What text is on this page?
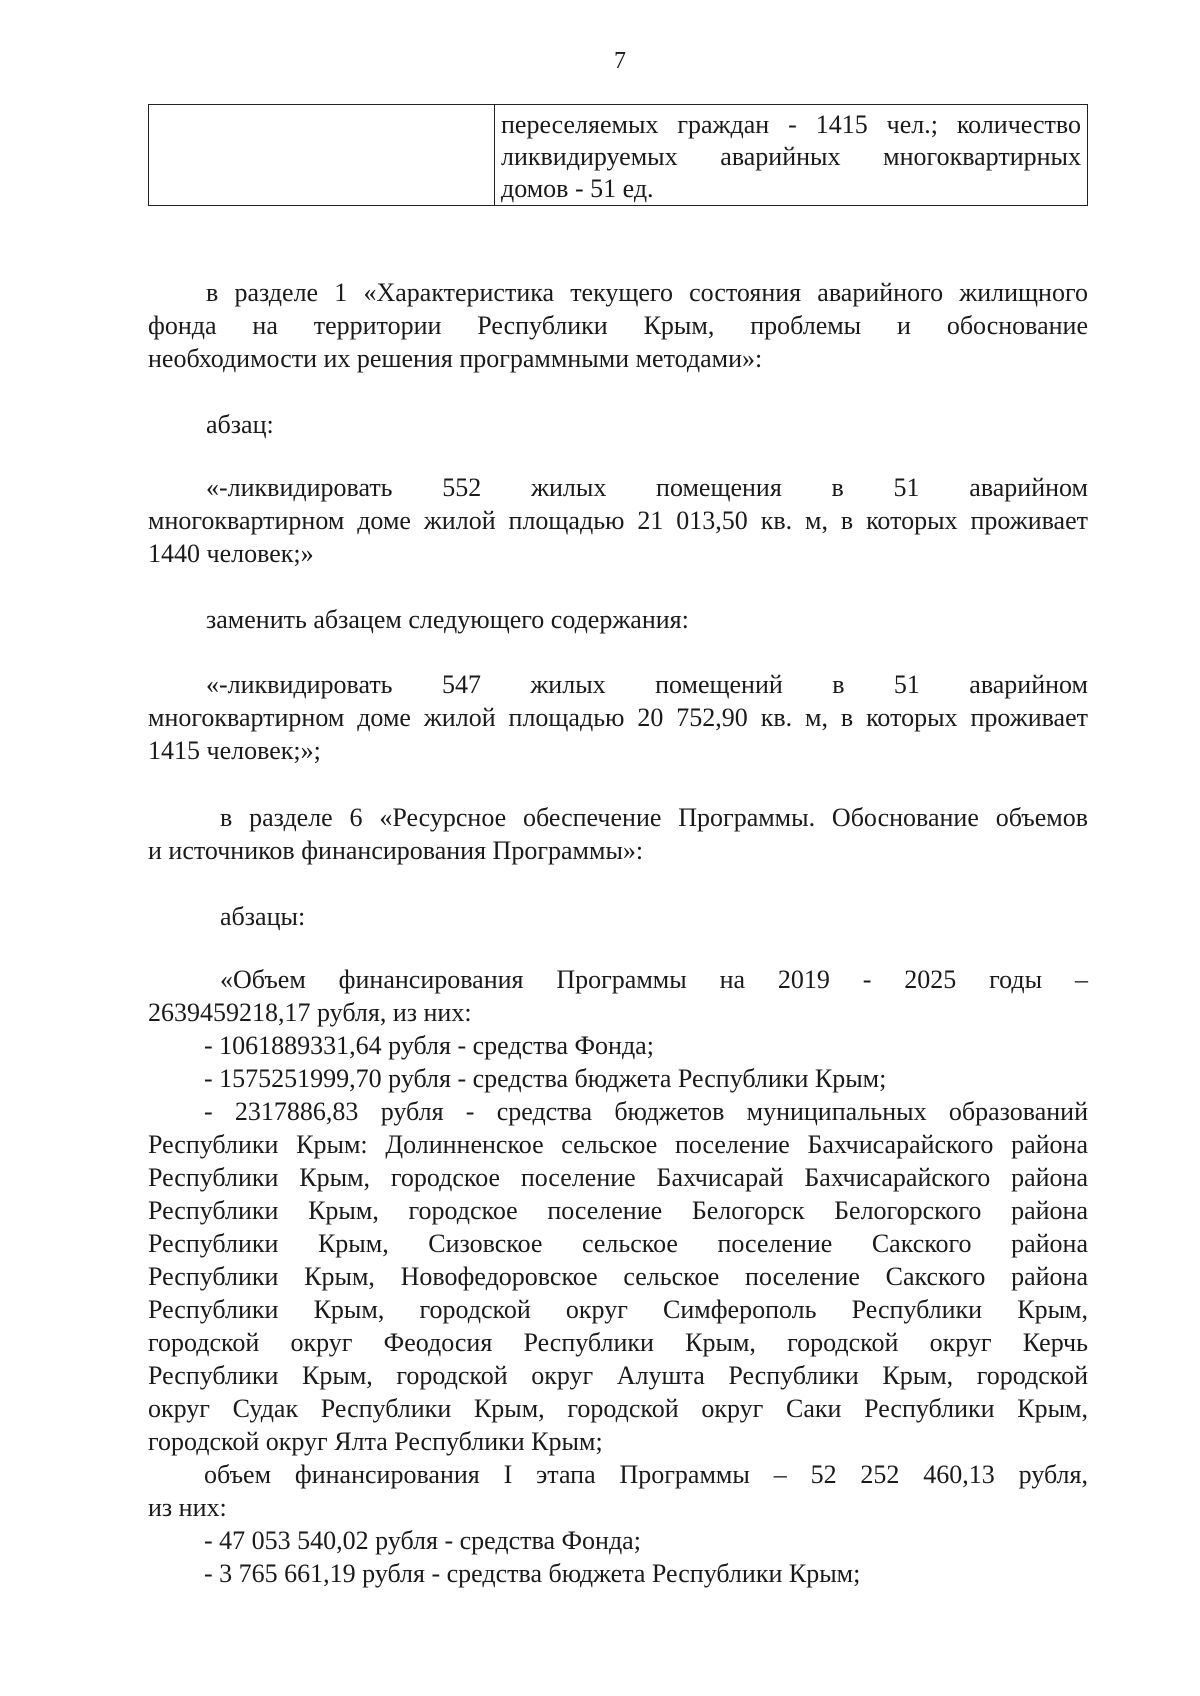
7
переселяемых граждан - 1415 чел.; количество
ликвидируемых аварийных многоквартирных
домов - 51 ед.

в разделе 1 «Характеристика текущего состояния аварийного жилищного

фонда на территории Республики Крым, проблемы и обоснование

необходимости их решения программными методами»:

абзац:

«-ликвидировать 552 жилых помещения в 51 аварийном

многоквартирном доме жилой площадью 21 013,50 кв. м, в которых проживает

1440 человек;»

заменить абзацем следующего содержания:

«-ликвидировать 547 жилых помещений в 51 аварийном

многоквартирном доме жилой площадью 20 752,90 кв. м, в которых проживает

1415 человек;»;

в разделе 6 «Ресурсное обеспечение Программы. Обоснование объемов

и источников финансирования Программы»:

абзацы:

«Объем финансирования Программы на 2019 - 2025 годы –

2639459218,17 рубля, из них:

- 1061889331,64 рубля - средства Фонда;

- 1575251999,70 рубля - средства бюджета Республики Крым;

- 2317886,83 рубля - средства бюджетов муниципальных образований

Республики Крым: Долинненское сельское поселение Бахчисарайского района

Республики Крым, городское поселение Бахчисарай Бахчисарайского района

Республики Крым, городское поселение Белогорск Белогорского района

Республики Крым, Сизовское сельское поселение Сакского района

Республики Крым, Новофедоровское сельское поселение Сакского района

Республики Крым, городской округ Симферополь Республики Крым,

городской округ Феодосия Республики Крым, городской округ Керчь

Республики Крым, городской округ Алушта Республики Крым, городской

округ Судак Республики Крым, городской округ Саки Республики Крым,

городской округ Ялта Республики Крым;

объем финансирования I этапа Программы – 52 252 460,13 рубля,

из них:

- 47 053 540,02 рубля - средства Фонда;

- 3 765 661,19 рубля - средства бюджета Республики Крым;
